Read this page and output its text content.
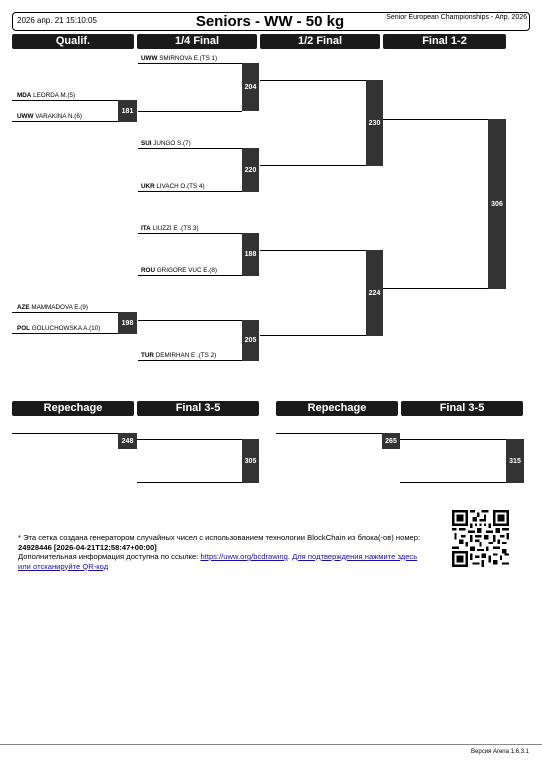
2026 апр. 21 15:10:05	Seniors - WW - 50 kg	Senior European Championships - Апр. 2026
Qualif.	1/4 Final	1/2 Final	Final 1-2
181
204
220
230
188
198
205
224
306
UWW SMIRNOVA E.(TS 1)
MDA LEORDA M.(5)
UWW VARAKINA N.(6)
SUI JUNGO S.(7)
UKR LIVACH O.(TS 4)
ITA LIUZZI E .(TS 3)
ROU GRIGORE VUC E.(8)
AZE MAMMADOVA E.(9)
POL GOLUCHOWSKA A.(10)
TUR DEMIRHAN E .(TS 2)
Repechage	Final 3-5	Repechage	Final 3-5
248
305
265
315
* Эта сетка создана генератором случайных чисел с использованием технологии BlockChain из блока(-ов) номер: 24928446 [2026-04-21T12:58:47+00:00]
Дополнительная информация доступна по ссылке: https://uww.org/bcdrawing. Для подтверждения нажмите здесь или отсканируйте QR-код
Версия Arena 1.6.3.1
